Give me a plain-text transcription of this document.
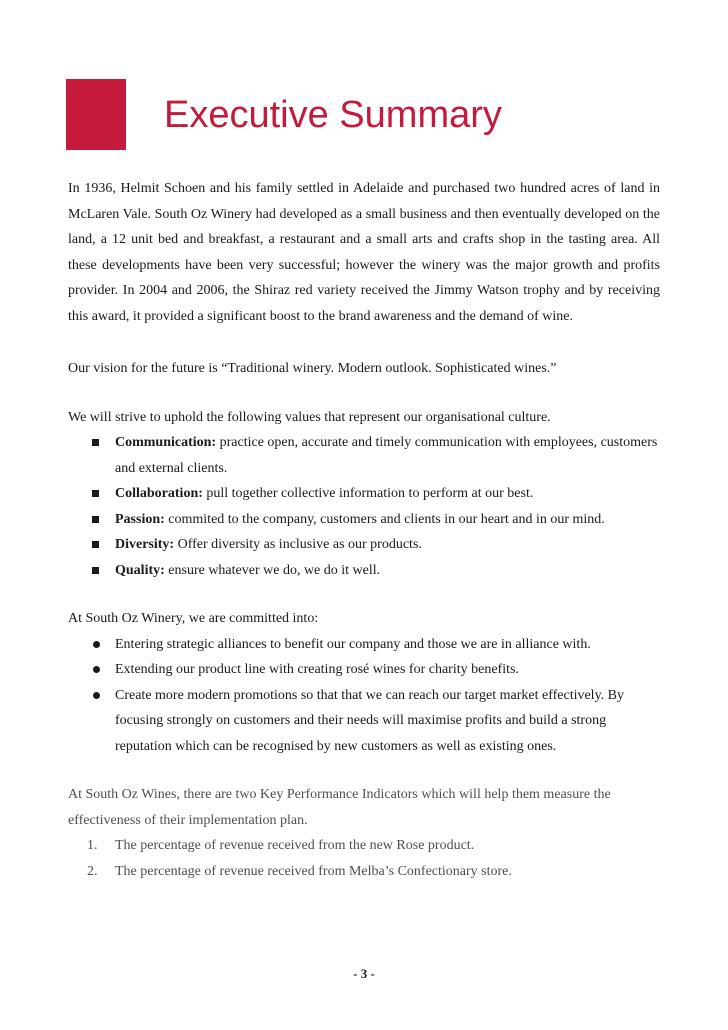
Executive Summary

In 1936, Helmit Schoen and his family settled in Adelaide and purchased two hundred acres of land in McLaren Vale. South Oz Winery had developed as a small business and then eventually developed on the land, a 12 unit bed and breakfast, a restaurant and a small arts and crafts shop in the tasting area. All these developments have been very successful; however the winery was the major growth and profits provider. In 2004 and 2006, the Shiraz red variety received the Jimmy Watson trophy and by receiving this award, it provided a significant boost to the brand awareness and the demand of wine.

Our vision for the future is “Traditional winery. Modern outlook. Sophisticated wines.”

We will strive to uphold the following values that represent our organisational culture.

Communication: practice open, accurate and timely communication with employees, customers and external clients.
Collaboration: pull together collective information to perform at our best.
Passion: commited to the company, customers and clients in our heart and in our mind.
Diversity: Offer diversity as inclusive as our products.
Quality: ensure whatever we do, we do it well.

At South Oz Winery, we are committed into:

Entering strategic alliances to benefit our company and those we are in alliance with.
Extending our product line with creating rosé wines for charity benefits.
Create more modern promotions so that that we can reach our target market effectively. By focusing strongly on customers and their needs will maximise profits and build a strong reputation which can be recognised by new customers as well as existing ones.

At South Oz Wines, there are two Key Performance Indicators which will help them measure the effectiveness of their implementation plan.

1. The percentage of revenue received from the new Rose product.
2. The percentage of revenue received from Melba’s Confectionary store.
- 3 -
